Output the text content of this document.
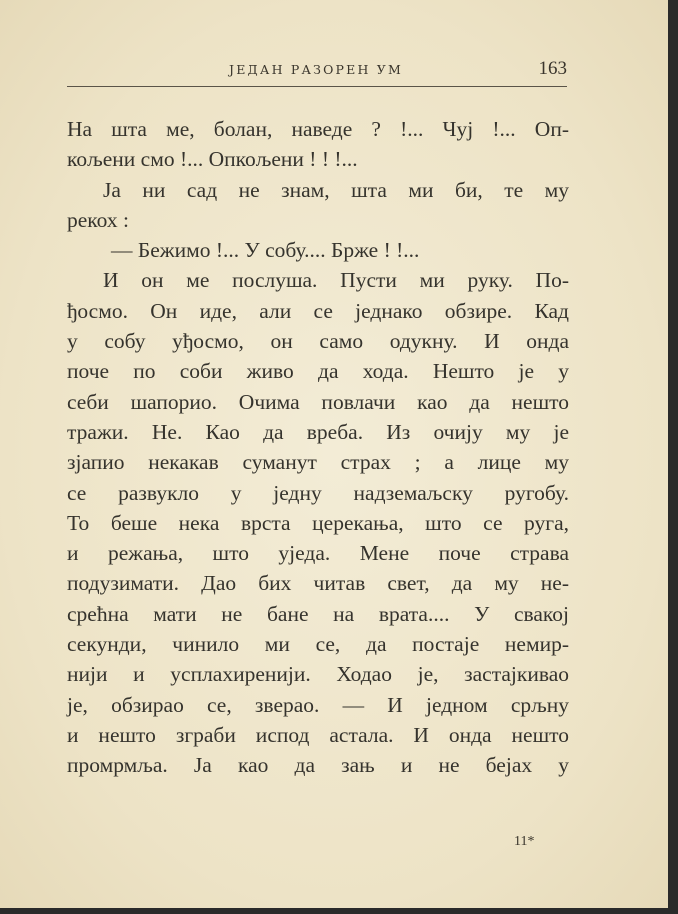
ЈЕДАН РАЗОРЕН УМ	163
На шта ме, болан, наведе ? !... Чуј !... Оп-
кољени смо !... Опкољени ! ! !...
Ја ни сад не знам, шта ми би, те му
рекох :
— Бежимо !... У собу.... Брже ! !...
И он ме послуша. Пусти ми руку. По-
ђосмо. Он иде, али се једнако обзире. Кад
у собу уђосмо, он само одукну. И онда
поче по соби живо да хода. Нешто је у
себи шапорио. Очима повлачи као да нешто
тражи. Не. Као да вреба. Из очију му је
зјапио некакав суманут страх ; а лице му
се развукло у једну надземаљску ругобу.
То беше нека врста церекања, што се руга,
и режања, што уједа. Мене поче страва
подузимати. Дао бих читав свет, да му не-
срећна мати не бане на врата.... У свакој
секунди, чинило ми се, да постаје немир-
нији и усплахиренији. Ходао је, застајкивао
је, обзирао се, зверао. — И једном срљну
и нешто зграби испод астала. И онда нешто
промрмља. Ја као да зањ и не бејах у
11*
